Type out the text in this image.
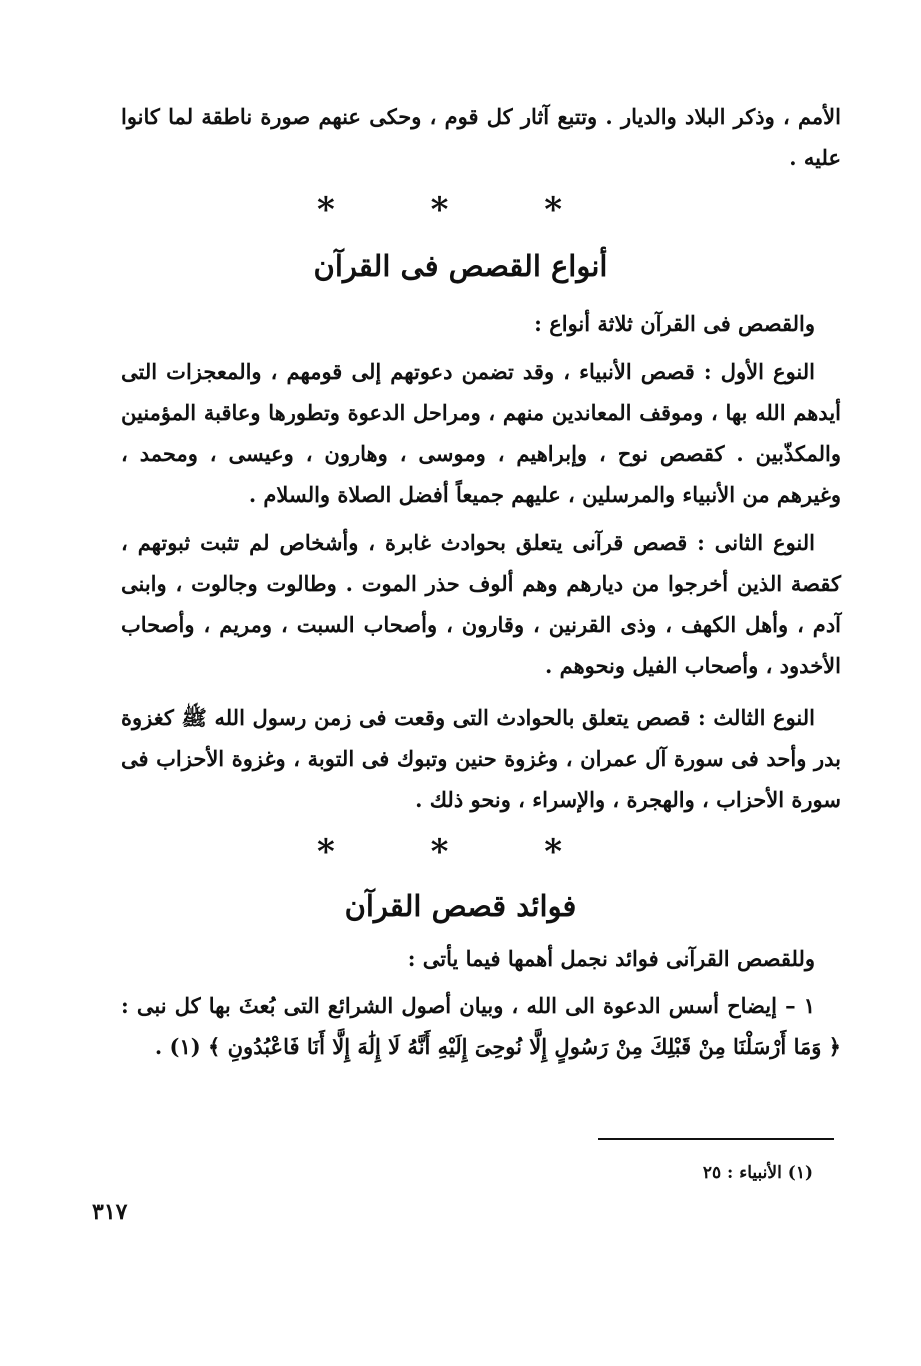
الأمم ، وذكر البلاد والديار . وتتبع آثار كل قوم ، وحكى عنهم صورة ناطقة لما كانوا عليه .
* * *
أنواع القصص فى القرآن
والقصص فى القرآن ثلاثة أنواع :
النوع الأول : قصص الأنبياء ، وقد تضمن دعوتهم إلى قومهم ، والمعجزات التى أيدهم الله بها ، وموقف المعاندين منهم ، ومراحل الدعوة وتطورها وعاقبة المؤمنين والمكذّبين . كقصص نوح ، وإبراهيم ، وموسى ، وهارون ، وعيسى ، ومحمد ، وغيرهم من الأنبياء والمرسلين ، عليهم جميعاً أفضل الصلاة والسلام .
النوع الثانى : قصص قرآنى يتعلق بحوادث غابرة ، وأشخاص لم تثبت ثبوتهم ، كقصة الذين أخرجوا من ديارهم وهم ألوف حذر الموت . وطالوت وجالوت ، وابنى آدم ، وأهل الكهف ، وذى القرنين ، وقارون ، وأصحاب السبت ، ومريم ، وأصحاب الأخدود ، وأصحاب الفيل ونحوهم .
النوع الثالث : قصص يتعلق بالحوادث التى وقعت فى زمن رسول الله ﷺ كغزوة بدر وأحد فى سورة آل عمران ، وغزوة حنين وتبوك فى التوبة ، وغزوة الأحزاب فى سورة الأحزاب ، والهجرة ، والإسراء ، ونحو ذلك .
* * *
فوائد قصص القرآن
وللقصص القرآنى فوائد نجمل أهمها فيما يأتى :
١ – إيضاح أسس الدعوة الى الله ، وبيان أصول الشرائع التى بُعثَ بها كل نبى : ﴿ وَمَا أَرْسَلْنَا مِنْ قَبْلِكَ مِنْ رَسُولٍ إِلَّا نُوحِىَ إِلَيْهِ أَنَّهُ لَا إِلَٰهَ إِلَّا أَنَا فَاعْبُدُونِ ﴾ (١) .
(١) الأنبياء : ٢٥
٣١٧
